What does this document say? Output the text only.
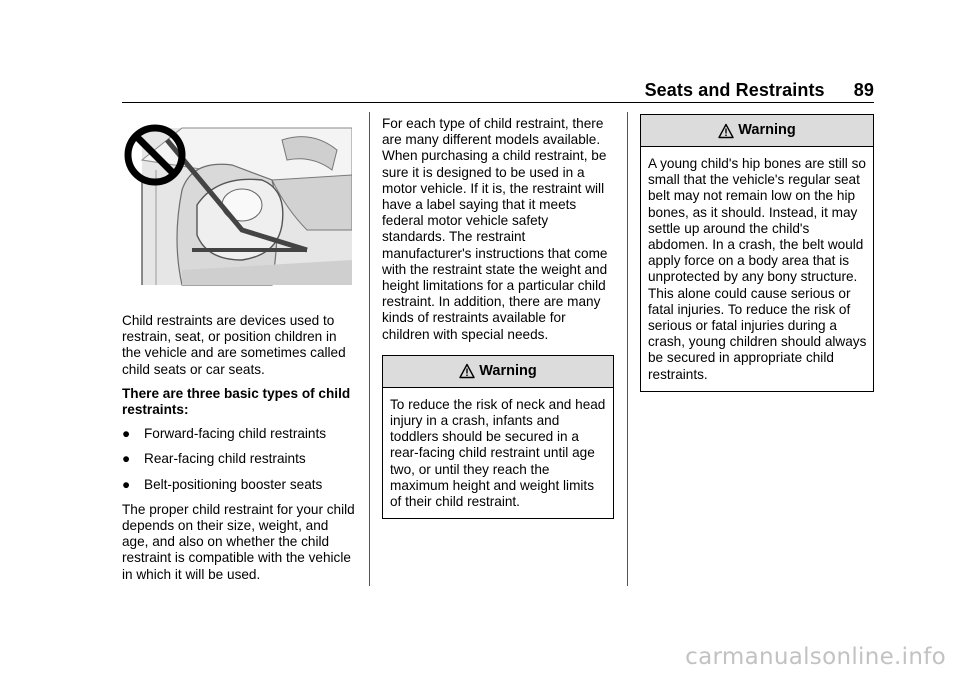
Seats and Restraints 89

Child restraints are devices used to restrain, seat, or position children in the vehicle and are sometimes called child seats or car seats.

There are three basic types of child restraints:

● Forward-facing child restraints
● Rear-facing child restraints
● Belt-positioning booster seats

The proper child restraint for your child depends on their size, weight, and age, and also on whether the child restraint is compatible with the vehicle in which it will be used.

For each type of child restraint, there are many different models available. When purchasing a child restraint, be sure it is designed to be used in a motor vehicle. If it is, the restraint will have a label saying that it meets federal motor vehicle safety standards. The restraint manufacturer's instructions that come with the restraint state the weight and height limitations for a particular child restraint. In addition, there are many kinds of restraints available for children with special needs.

Warning
To reduce the risk of neck and head injury in a crash, infants and toddlers should be secured in a rear-facing child restraint until age two, or until they reach the maximum height and weight limits of their child restraint.
Warning
A young child's hip bones are still so small that the vehicle's regular seat belt may not remain low on the hip bones, as it should. Instead, it may settle up around the child's abdomen. In a crash, the belt would apply force on a body area that is unprotected by any bony structure. This alone could cause serious or fatal injuries. To reduce the risk of serious or fatal injuries during a crash, young children should always be secured in appropriate child restraints.
carmanualsonline.info
